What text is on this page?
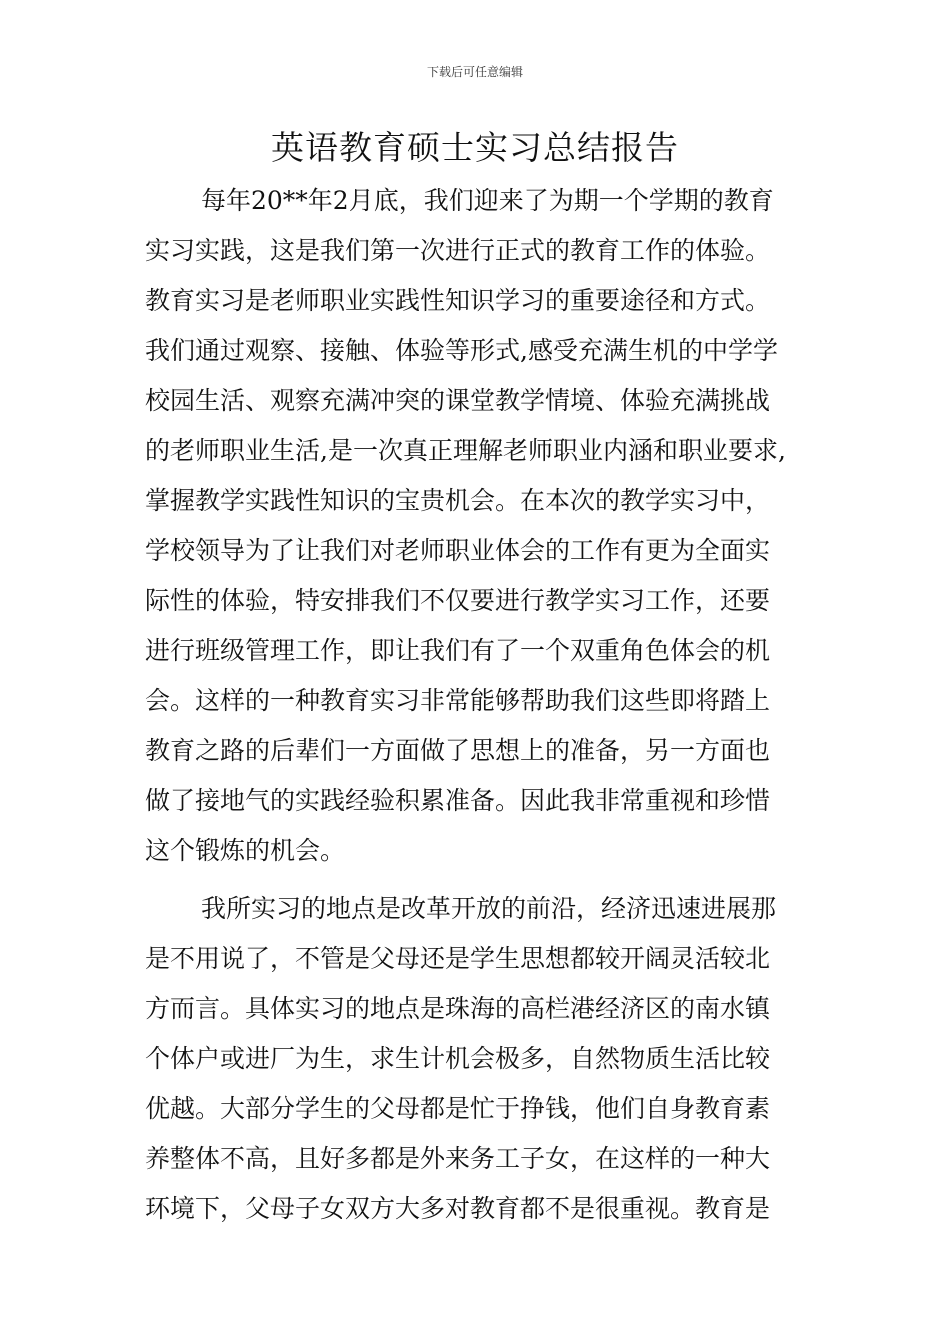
下载后可任意编辑
英语教育硕士实习总结报告
每年20**年2月底，我们迎来了为期一个学期的教育
实习实践，这是我们第一次进行正式的教育工作的体验。
教育实习是老师职业实践性知识学习的重要途径和方式。
我们通过观察、接触、体验等形式,感受充满生机的中学学
校园生活、观察充满冲突的课堂教学情境、体验充满挑战
的老师职业生活,是一次真正理解老师职业内涵和职业要求,
掌握教学实践性知识的宝贵机会。在本次的教学实习中，
学校领导为了让我们对老师职业体会的工作有更为全面实
际性的体验，特安排我们不仅要进行教学实习工作，还要
进行班级管理工作，即让我们有了一个双重角色体会的机
会。这样的一种教育实习非常能够帮助我们这些即将踏上
教育之路的后辈们一方面做了思想上的准备，另一方面也
做了接地气的实践经验积累准备。因此我非常重视和珍惜
这个锻炼的机会。
我所实习的地点是改革开放的前沿，经济迅速进展那
是不用说了，不管是父母还是学生思想都较开阔灵活较北
方而言。具体实习的地点是珠海的高栏港经济区的南水镇
个体户或进厂为生，求生计机会极多，自然物质生活比较
优越。大部分学生的父母都是忙于挣钱，他们自身教育素
养整体不高，且好多都是外来务工子女，在这样的一种大
环境下，父母子女双方大多对教育都不是很重视。教育是
